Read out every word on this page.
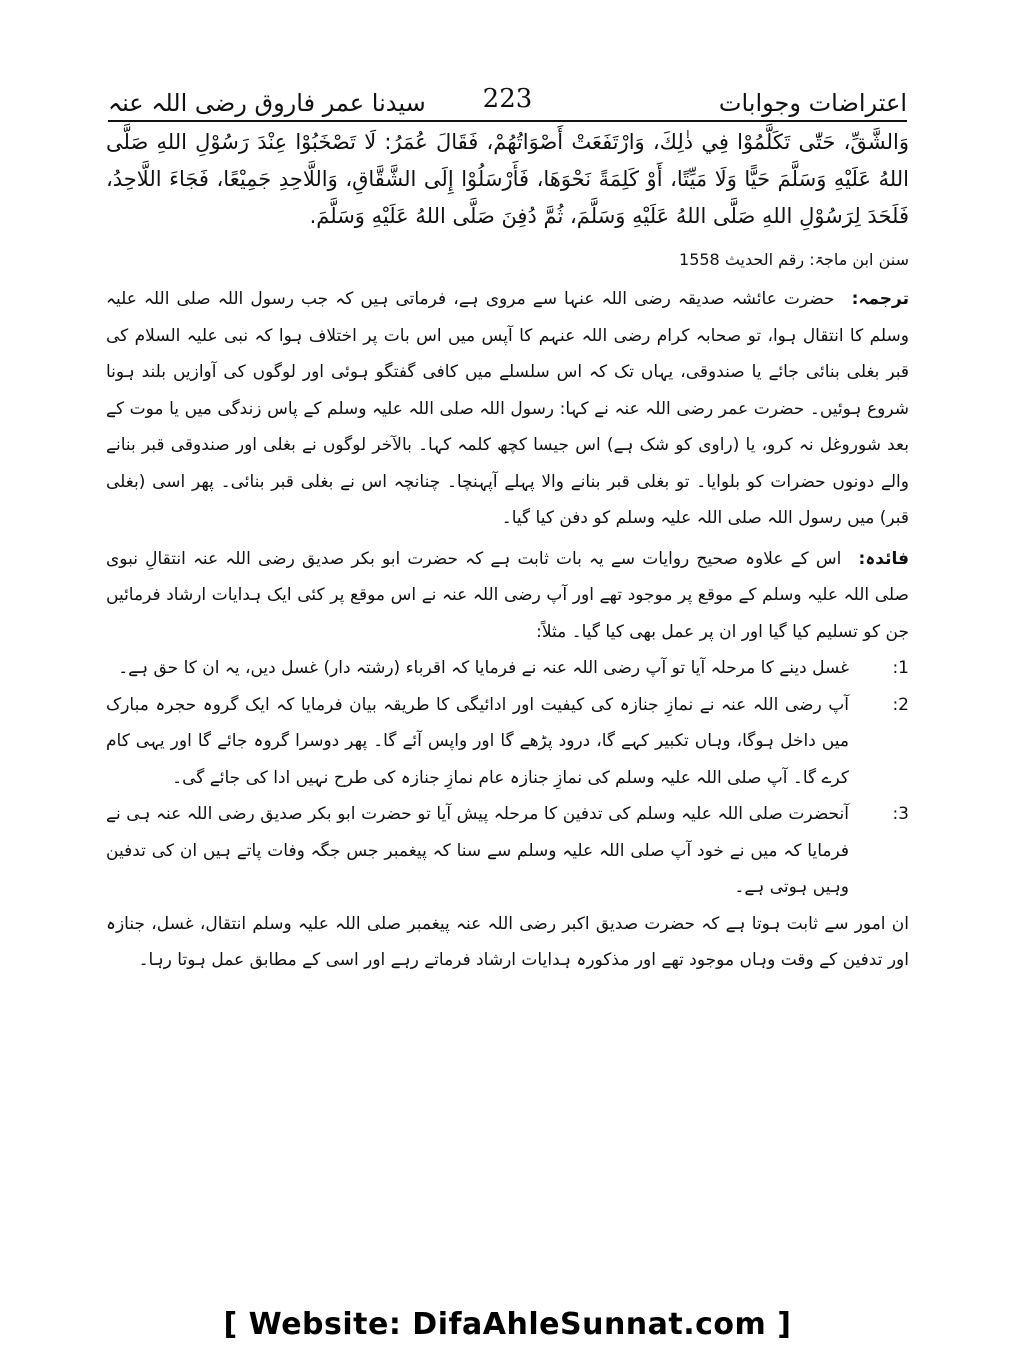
سیدنا عمر فاروق رضی اللہ عنہ	اعتراضات وجوابات
223

وَالشَّقِّ، حَتّٰی تَكَلَّمُوْا فِي ذٰلِكَ، وَارْتَفَعَتْ أَصْوَاتُهُمْ، فَقَالَ عُمَرُ: لَا تَصْخَبُوْا عِنْدَ رَسُوْلِ اللهِ صَلَّى اللهُ عَلَيْهِ وَسَلَّمَ حَيًّا وَلَا مَيِّتًا، أَوْ كَلِمَةً نَحْوَهَا، فَأَرْسَلُوْا إِلَى الشَّقَّاقِ، وَاللَّاحِدِ جَمِيْعًا، فَجَاءَ اللَّاحِدُ، فَلَحَدَ لِرَسُوْلِ اللهِ صَلَّى اللهُ عَلَيْهِ وَسَلَّمَ، ثُمَّ دُفِنَ صَلَّى اللهُ عَلَيْهِ وَسَلَّمَ.

سنن ابن ماجۃ: رقم الحدیث 1558

ترجمہ: حضرت عائشہ صدیقہ رضی اللہ عنہا سے مروی ہے، فرماتی ہیں کہ جب رسول اللہ صلی اللہ علیہ وسلم کا انتقال ہوا، تو صحابہ کرام رضی اللہ عنہم کا آپس میں اس بات پر اختلاف ہوا کہ نبی علیہ السلام کی قبر بغلی بنائی جائے یا صندوقی، یہاں تک کہ اس سلسلے میں کافی گفتگو ہوئی اور لوگوں کی آوازیں بلند ہونا شروع ہوئیں۔ حضرت عمر رضی اللہ عنہ نے کہا: رسول اللہ صلی اللہ علیہ وسلم کے پاس زندگی میں یا موت کے بعد شوروغل نہ کرو، یا (راوی کو شک ہے) اس جیسا کچھ کلمہ کہا۔ بالآخر لوگوں نے بغلی اور صندوقی قبر بنانے والے دونوں حضرات کو بلوایا۔ تو بغلی قبر بنانے والا پہلے آپہنچا۔ چنانچہ اس نے بغلی قبر بنائی۔ پھر اسی (بغلی قبر) میں رسول اللہ صلی اللہ علیہ وسلم کو دفن کیا گیا۔

فائدہ: اس کے علاوہ صحیح روایات سے یہ بات ثابت ہے کہ حضرت ابو بکر صدیق رضی اللہ عنہ انتقالِ نبوی صلی اللہ علیہ وسلم کے موقع پر موجود تھے اور آپ رضی اللہ عنہ نے اس موقع پر کئی ایک ہدایات ارشاد فرمائیں جن کو تسلیم کیا گیا اور ان پر عمل بھی کیا گیا۔ مثلاً:

1:
غسل دینے کا مرحلہ آیا تو آپ رضی اللہ عنہ نے فرمایا کہ اقرباء (رشتہ دار) غسل دیں، یہ ان کا حق ہے۔
2:
آپ رضی اللہ عنہ نے نمازِ جنازہ کی کیفیت اور ادائیگی کا طریقہ بیان فرمایا کہ ایک گروہ حجرہ مبارک میں داخل ہوگا، وہاں تکبیر کہے گا، درود پڑھے گا اور واپس آئے گا۔ پھر دوسرا گروہ جائے گا اور یہی کام کرے گا۔ آپ صلی اللہ علیہ وسلم کی نمازِ جنازہ عام نمازِ جنازہ کی طرح نہیں ادا کی جائے گی۔
3:
آنحضرت صلی اللہ علیہ وسلم کی تدفین کا مرحلہ پیش آیا تو حضرت ابو بکر صدیق رضی اللہ عنہ ہی نے فرمایا کہ میں نے خود آپ صلی اللہ علیہ وسلم سے سنا کہ پیغمبر جس جگہ وفات پاتے ہیں ان کی تدفین وہیں ہوتی ہے۔

ان امور سے ثابت ہوتا ہے کہ حضرت صدیق اکبر رضی اللہ عنہ پیغمبر صلی اللہ علیہ وسلم انتقال، غسل، جنازہ اور تدفین کے وقت وہاں موجود تھے اور مذکورہ ہدایات ارشاد فرماتے رہے اور اسی کے مطابق عمل ہوتا رہا۔

[ Website: DifaAhleSunnat.com ]
